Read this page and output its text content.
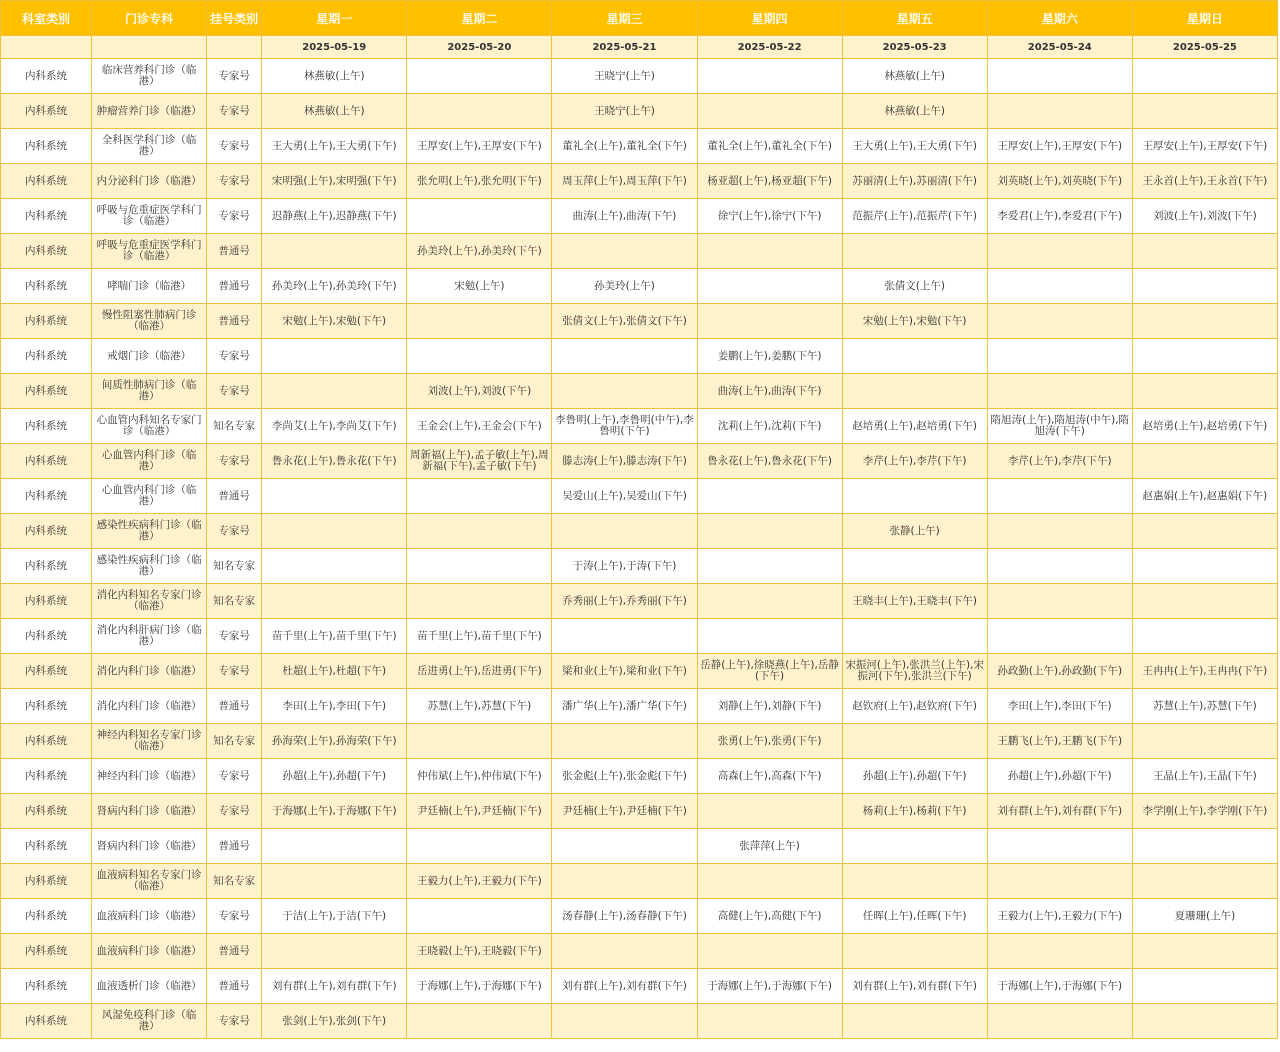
科室类别	门诊专科	挂号类别	星期一	星期二	星期三	星期四	星期五	星期六	星期日
			2025-05-19	2025-05-20	2025-05-21	2025-05-22	2025-05-23	2025-05-24	2025-05-25
内科系统	临床营养科门诊（临港）	专家号	林燕敏(上午)		王晓宁(上午)		林燕敏(上午)		
内科系统	肿瘤营养门诊（临港）	专家号	林燕敏(上午)		王晓宁(上午)		林燕敏(上午)		
内科系统	全科医学科门诊（临港）	专家号	王大勇(上午),王大勇(下午)	王厚安(上午),王厚安(下午)	董礼全(上午),董礼全(下午)	董礼全(上午),董礼全(下午)	王大勇(上午),王大勇(下午)	王厚安(上午),王厚安(下午)	王厚安(上午),王厚安(下午)
内科系统	内分泌科门诊（临港）	专家号	宋明强(上午),宋明强(下午)	张允明(上午),张允明(下午)	周玉萍(上午),周玉萍(下午)	杨亚超(上午),杨亚超(下午)	苏丽清(上午),苏丽清(下午)	刘英晓(上午),刘英晓(下午)	王永首(上午),王永首(下午)
内科系统	呼吸与危重症医学科门诊（临港）	专家号	迟静燕(上午),迟静燕(下午)		曲涛(上午),曲涛(下午)	徐宁(上午),徐宁(下午)	范振芹(上午),范振芹(下午)	李爱君(上午),李爱君(下午)	刘波(上午),刘波(下午)
内科系统	呼吸与危重症医学科门诊（临港）	普通号		孙美玲(上午),孙美玲(下午)					
内科系统	哮喘门诊（临港）	普通号	孙美玲(上午),孙美玲(下午)	宋勉(上午)	孙美玲(上午)		张倩文(上午)		
内科系统	慢性阻塞性肺病门诊（临港）	普通号	宋勉(上午),宋勉(下午)		张倩文(上午),张倩文(下午)		宋勉(上午),宋勉(下午)		
内科系统	戒烟门诊（临港）	专家号				姜鹏(上午),姜鹏(下午)			
内科系统	间质性肺病门诊（临港）	专家号		刘波(上午),刘波(下午)		曲涛(上午),曲涛(下午)			
内科系统	心血管内科知名专家门诊（临港）	知名专家	李尚艾(上午),李尚艾(下午)	王金会(上午),王金会(下午)	李鲁明(上午),李鲁明(中午),李鲁明(下午)	沈莉(上午),沈莉(下午)	赵培勇(上午),赵培勇(下午)	隋旭涛(上午),隋旭涛(中午),隋旭涛(下午)	赵培勇(上午),赵培勇(下午)
内科系统	心血管内科门诊（临港）	专家号	鲁永花(上午),鲁永花(下午)	周新福(上午),孟子敏(上午),周新福(下午),孟子敏(下午)	滕志涛(上午),滕志涛(下午)	鲁永花(上午),鲁永花(下午)	李芹(上午),李芹(下午)	李芹(上午),李芹(下午)	
内科系统	心血管内科门诊（临港）	普通号			吴爱山(上午),吴爱山(下午)				赵惠娟(上午),赵惠娟(下午)
内科系统	感染性疾病科门诊（临港）	专家号					张静(上午)		
内科系统	感染性疾病科门诊（临港）	知名专家			于涛(上午),于涛(下午)				
内科系统	消化内科知名专家门诊（临港）	知名专家			乔秀丽(上午),乔秀丽(下午)		王晓丰(上午),王晓丰(下午)		
内科系统	消化内科肝病门诊（临港）	专家号	苗千里(上午),苗千里(下午)	苗千里(上午),苗千里(下午)					
内科系统	消化内科门诊（临港）	专家号	杜超(上午),杜超(下午)	岳进勇(上午),岳进勇(下午)	梁和业(上午),梁和业(下午)	岳静(上午),徐晓燕(上午),岳静(下午)	宋振河(上午),张洪兰(上午),宋振河(下午),张洪兰(下午)	孙政勤(上午),孙政勤(下午)	王冉冉(上午),王冉冉(下午)
内科系统	消化内科门诊（临港）	普通号	李田(上午),李田(下午)	苏慧(上午),苏慧(下午)	潘广华(上午),潘广华(下午)	刘静(上午),刘静(下午)	赵钦府(上午),赵钦府(下午)	李田(上午),李田(下午)	苏慧(上午),苏慧(下午)
内科系统	神经内科知名专家门诊（临港）	知名专家	孙海荣(上午),孙海荣(下午)			张勇(上午),张勇(下午)		王鹏飞(上午),王鹏飞(下午)	
内科系统	神经内科门诊（临港）	专家号	孙超(上午),孙超(下午)	仲伟斌(上午),仲伟斌(下午)	张金彪(上午),张金彪(下午)	高森(上午),高森(下午)	孙超(上午),孙超(下午)	孙超(上午),孙超(下午)	王晶(上午),王晶(下午)
内科系统	肾病内科门诊（临港）	专家号	于海娜(上午),于海娜(下午)	尹廷楠(上午),尹廷楠(下午)	尹廷楠(上午),尹廷楠(下午)		杨莉(上午),杨莉(下午)	刘有群(上午),刘有群(下午)	李学刚(上午),李学刚(下午)
内科系统	肾病内科门诊（临港）	普通号				张萍萍(上午)			
内科系统	血液病科知名专家门诊（临港）	知名专家		王毅力(上午),王毅力(下午)					
内科系统	血液病科门诊（临港）	专家号	于洁(上午),于洁(下午)		汤春静(上午),汤春静(下午)	高健(上午),高健(下午)	任晖(上午),任晖(下午)	王毅力(上午),王毅力(下午)	夏珊珊(上午)
内科系统	血液病科门诊（临港）	普通号		王晓毅(上午),王晓毅(下午)					
内科系统	血液透析门诊（临港）	普通号	刘有群(上午),刘有群(下午)	于海娜(上午),于海娜(下午)	刘有群(上午),刘有群(下午)	于海娜(上午),于海娜(下午)	刘有群(上午),刘有群(下午)	于海娜(上午),于海娜(下午)	
内科系统	风湿免疫科门诊（临港）	专家号	张剑(上午),张剑(下午)						
